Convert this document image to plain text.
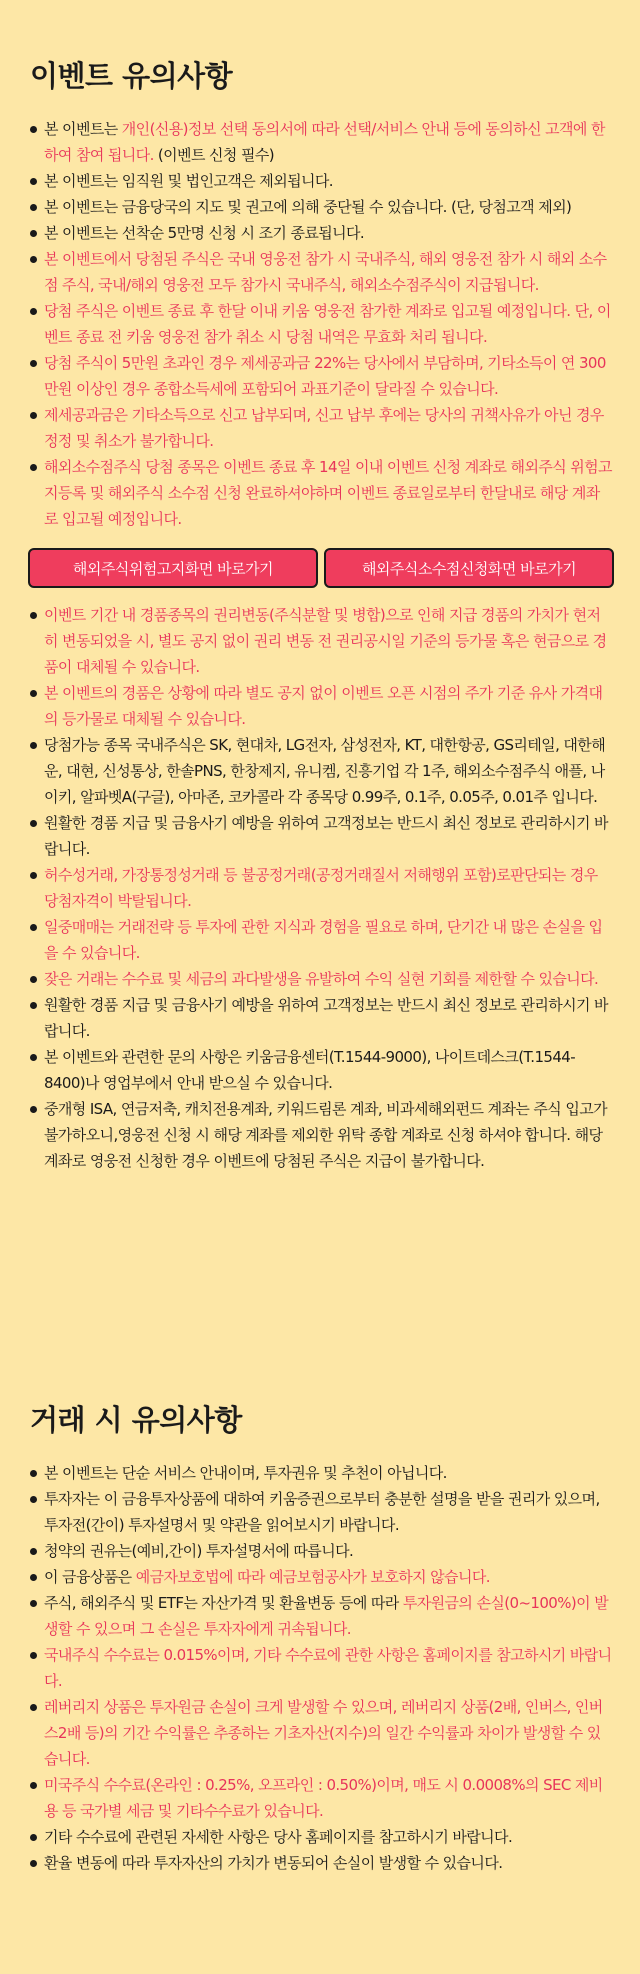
이벤트 유의사항
본 이벤트는 개인(신용)정보 선택 동의서에 따라 선택/서비스 안내 등에 동의하신 고객에 한하여 참여 됩니다. (이벤트 신청 필수)
본 이벤트는 임직원 및 법인고객은 제외됩니다.
본 이벤트는 금융당국의 지도 및 권고에 의해 중단될 수 있습니다. (단, 당첨고객 제외)
본 이벤트는 선착순 5만명 신청 시 조기 종료됩니다.
본 이벤트에서 당첨된 주식은 국내 영웅전 참가 시 국내주식, 해외 영웅전 참가 시 해외 소수점 주식, 국내/해외 영웅전 모두 참가시 국내주식, 해외소수점주식이 지급됩니다.
당첨 주식은 이벤트 종료 후 한달 이내 키움 영웅전 참가한 계좌로 입고될 예정입니다. 단, 이벤트 종료 전 키움 영웅전 참가 취소 시 당첨 내역은 무효화 처리 됩니다.
당첨 주식이 5만원 초과인 경우 제세공과금 22%는 당사에서 부담하며, 기타소득이 연 300만원 이상인 경우 종합소득세에 포함되어 과표기준이 달라질 수 있습니다.
제세공과금은 기타소득으로 신고 납부되며, 신고 납부 후에는 당사의 귀책사유가 아닌 경우 정정 및 취소가 불가합니다.
해외소수점주식 당첨 종목은 이벤트 종료 후 14일 이내 이벤트 신청 계좌로 해외주식 위험고지등록 및 해외주식 소수점 신청 완료하셔야하며 이벤트 종료일로부터 한달내로 해당 계좌로 입고될 예정입니다.
해외주식위험고지화면 바로가기	해외주식소수점신청화면 바로가기
이벤트 기간 내 경품종목의 권리변동(주식분할 및 병합)으로 인해 지급 경품의 가치가 현저히 변동되었을 시, 별도 공지 없이 권리 변동 전 권리공시일 기준의 등가물 혹은 현금으로 경품이 대체될 수 있습니다.
본 이벤트의 경품은 상황에 따라 별도 공지 없이 이벤트 오픈 시점의 주가 기준 유사 가격대의 등가물로 대체될 수 있습니다.
당첨가능 종목 국내주식은 SK, 현대차, LG전자, 삼성전자, KT, 대한항공, GS리테일, 대한해운, 대현, 신성통상, 한솔PNS, 한창제지, 유니켐, 진흥기업 각 1주, 해외소수점주식 애플, 나이키, 알파벳A(구글), 아마존, 코카콜라 각 종목당 0.99주, 0.1주, 0.05주, 0.01주 입니다.
원활한 경품 지급 및 금융사기 예방을 위하여 고객정보는 반드시 최신 정보로 관리하시기 바랍니다.
허수성거래, 가장통정성거래 등 불공정거래(공정거래질서 저해행위 포함)로판단되는 경우 당첨자격이 박탈됩니다.
일중매매는 거래전략 등 투자에 관한 지식과 경험을 필요로 하며, 단기간 내 많은 손실을 입을 수 있습니다.
잦은 거래는 수수료 및 세금의 과다발생을 유발하여 수익 실현 기회를 제한할 수 있습니다.
원활한 경품 지급 및 금융사기 예방을 위하여 고객정보는 반드시 최신 정보로 관리하시기 바랍니다.
본 이벤트와 관련한 문의 사항은 키움금융센터(T.1544-9000), 나이트데스크(T.1544-8400)나 영업부에서 안내 받으실 수 있습니다.
중개형 ISA, 연금저축, 캐치전용계좌, 키워드림론 계좌, 비과세해외펀드 계좌는 주식 입고가 불가하오니,영웅전 신청 시 해당 계좌를 제외한 위탁 종합 계좌로 신청 하셔야 합니다. 해당 계좌로 영웅전 신청한 경우 이벤트에 당첨된 주식은 지급이 불가합니다.
거래 시 유의사항
본 이벤트는 단순 서비스 안내이며, 투자권유 및 추천이 아닙니다.
투자자는 이 금융투자상품에 대하여 키움증권으로부터 충분한 설명을 받을 권리가 있으며, 투자전(간이) 투자설명서 및 약관을 읽어보시기 바랍니다.
청약의 권유는(예비,간이) 투자설명서에 따릅니다.
이 금융상품은 예금자보호법에 따라 예금보험공사가 보호하지 않습니다.
주식, 해외주식 및 ETF는 자산가격 및 환율변동 등에 따라 투자원금의 손실(0~100%)이 발생할 수 있으며 그 손실은 투자자에게 귀속됩니다.
국내주식 수수료는 0.015%이며, 기타 수수료에 관한 사항은 홈페이지를 참고하시기 바랍니다.
레버리지 상품은 투자원금 손실이 크게 발생할 수 있으며, 레버리지 상품(2배, 인버스, 인버스2배 등)의 기간 수익률은 추종하는 기초자산(지수)의 일간 수익률과 차이가 발생할 수 있습니다.
미국주식 수수료(온라인 : 0.25%, 오프라인 : 0.50%)이며, 매도 시 0.0008%의 SEC 제비용 등 국가별 세금 및 기타수수료가 있습니다.
기타 수수료에 관련된 자세한 사항은 당사 홈페이지를 참고하시기 바랍니다.
환율 변동에 따라 투자자산의 가치가 변동되어 손실이 발생할 수 있습니다.
